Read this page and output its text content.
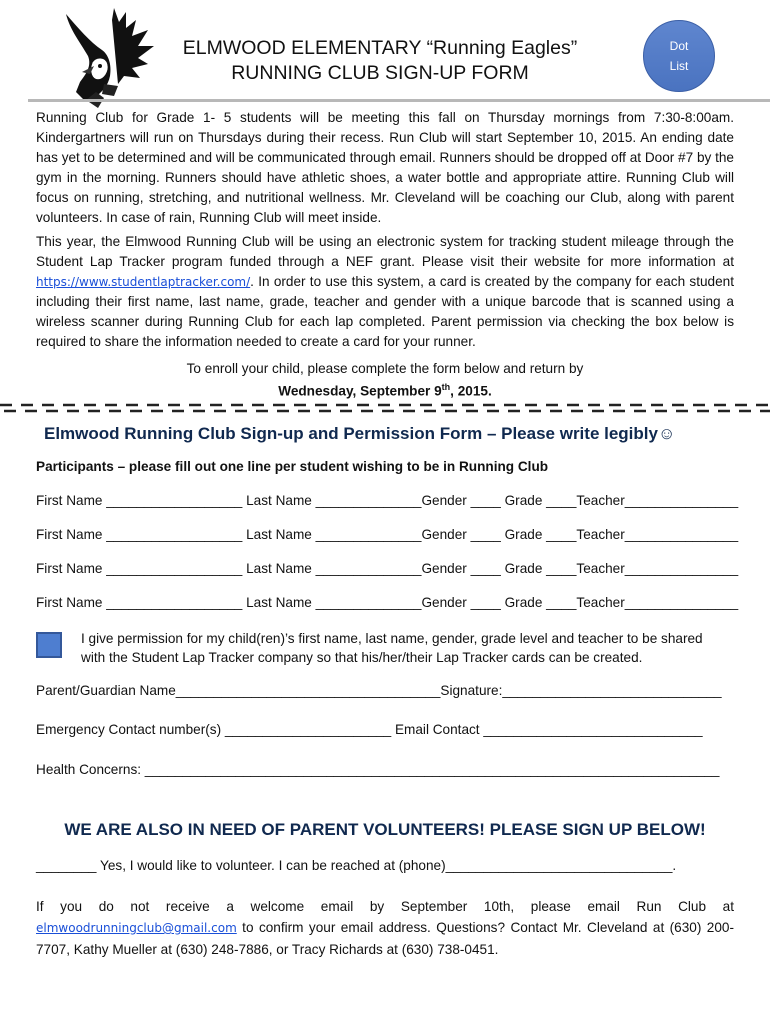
ELMWOOD ELEMENTARY “Running Eagles”
RUNNING CLUB SIGN-UP FORM
Dot
List
Running Club for Grade 1- 5 students will be meeting this fall on Thursday mornings from 7:30-8:00am. Kindergartners will run on Thursdays during their recess. Run Club will start September 10, 2015. An ending date has yet to be determined and will be communicated through email. Runners should be dropped off at Door #7 by the gym in the morning. Runners should have athletic shoes, a water bottle and appropriate attire. Running Club will focus on running, stretching, and nutritional wellness. Mr. Cleveland will be coaching our Club, along with parent volunteers. In case of rain, Running Club will meet inside.
This year, the Elmwood Running Club will be using an electronic system for tracking student mileage through the Student Lap Tracker program funded through a NEF grant. Please visit their website for more information at https://www.studentlaptracker.com/. In order to use this system, a card is created by the company for each student including their first name, last name, grade, teacher and gender with a unique barcode that is scanned using a wireless scanner during Running Club for each lap completed. Parent permission via checking the box below is required to share the information needed to create a card for your runner.
To enroll your child, please complete the form below and return by
Wednesday, September 9th, 2015.
Elmwood Running Club Sign-up and Permission Form – Please write legibly☺
Participants – please fill out one line per student wishing to be in Running Club
First Name __________________ Last Name ______________Gender ____ Grade ____Teacher_______________
First Name __________________ Last Name ______________Gender ____ Grade ____Teacher_______________
First Name __________________ Last Name ______________Gender ____ Grade ____Teacher_______________
First Name __________________ Last Name ______________Gender ____ Grade ____Teacher_______________
I give permission for my child(ren)’s first name, last name, gender, grade level and teacher to be shared with the Student Lap Tracker company so that his/her/their Lap Tracker cards can be created.
Parent/Guardian Name___________________________________Signature:_____________________________
Emergency Contact number(s) ______________________ Email Contact _____________________________
Health Concerns: ____________________________________________________________________________
WE ARE ALSO IN NEED OF PARENT VOLUNTEERS! PLEASE SIGN UP BELOW!
________ Yes, I would like to volunteer. I can be reached at (phone)______________________________.
If you do not receive a welcome email by September 10th, please email Run Club at elmwoodrunningclub@gmail.com to confirm your email address. Questions? Contact Mr. Cleveland at (630) 200-7707, Kathy Mueller at (630) 248-7886, or Tracy Richards at (630) 738-0451.
